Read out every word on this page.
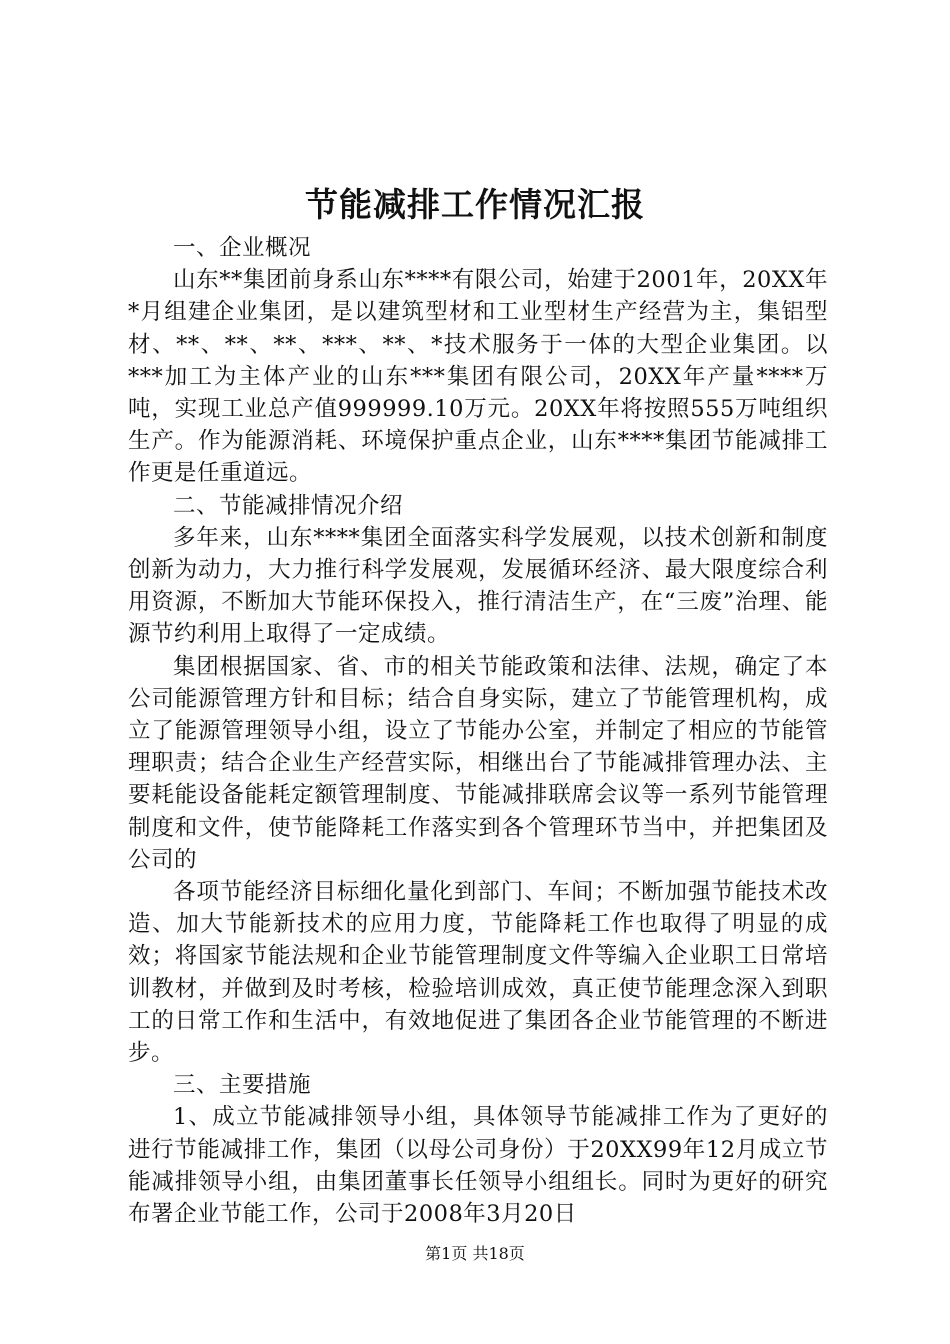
节能减排工作情况汇报

一、企业概况

山东**集团前身系山东****有限公司，始建于2001年，20XX年*月组建企业集团，是以建筑型材和工业型材生产经营为主，集铝型材、**、**、**、***、**、*技术服务于一体的大型企业集团。以***加工为主体产业的山东***集团有限公司，20XX年产量****万吨，实现工业总产值999999.10万元。20XX年将按照555万吨组织生产。作为能源消耗、环境保护重点企业，山东****集团节能减排工作更是任重道远。

二、节能减排情况介绍

多年来，山东****集团全面落实科学发展观，以技术创新和制度创新为动力，大力推行科学发展观，发展循环经济、最大限度综合利用资源，不断加大节能环保投入，推行清洁生产，在“三废”治理、能源节约利用上取得了一定成绩。

集团根据国家、省、市的相关节能政策和法律、法规，确定了本公司能源管理方针和目标；结合自身实际，建立了节能管理机构，成立了能源管理领导小组，设立了节能办公室，并制定了相应的节能管理职责；结合企业生产经营实际，相继出台了节能减排管理办法、主要耗能设备能耗定额管理制度、节能减排联席会议等一系列节能管理制度和文件，使节能降耗工作落实到各个管理环节当中，并把集团及公司的

各项节能经济目标细化量化到部门、车间；不断加强节能技术改造、加大节能新技术的应用力度，节能降耗工作也取得了明显的成效；将国家节能法规和企业节能管理制度文件等编入企业职工日常培训教材，并做到及时考核，检验培训成效，真正使节能理念深入到职工的日常工作和生活中，有效地促进了集团各企业节能管理的不断进步。

三、主要措施

1、成立节能减排领导小组，具体领导节能减排工作为了更好的进行节能减排工作，集团（以母公司身份）于20XX99年12月成立节能减排领导小组，由集团董事长任领导小组组长。同时为更好的研究布署企业节能工作，公司于2008年3月20日

第1页 共18页
